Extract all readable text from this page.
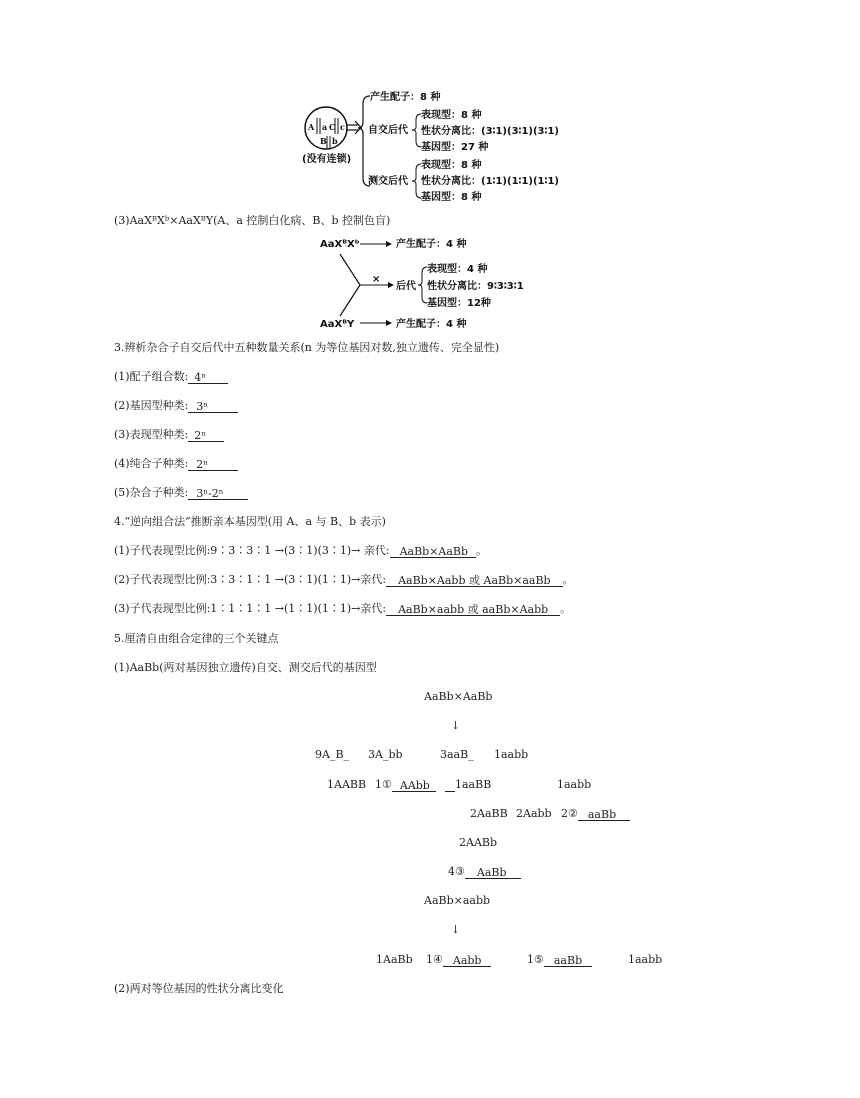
A a C c
B b
(没有连锁)
产生配子：8 种
自交后代
表现型：8 种
性状分离比：(3∶1)(3∶1)(3∶1)
基因型：27 种
测交后代
表现型：8 种
性状分离比：(1∶1)(1∶1)(1∶1)
基因型：8 种
(3)AaXᴮXᵇ×AaXᴮY(A、a 控制白化病、B、b 控制色盲)
AaXᴮXᵇ	产生配子：4 种
×
后代
表现型：4 种
性状分离比：9∶3∶3∶1
基因型：12种
AaXᴮY	产生配子：4 种
3.辨析杂合子自交后代中五种数量关系(n 为等位基因对数,独立遗传、完全显性)
(1)配子组合数: 4ⁿ
(2)基因型种类: 3ⁿ
(3)表现型种类: 2ⁿ
(4)纯合子种类: 2ⁿ
(5)杂合子种类: 3ⁿ-2ⁿ
4.“逆向组合法”推断亲本基因型(用 A、a 与 B、b 表示)
(1)子代表现型比例:9∶3∶3∶1 →(3∶1)(3∶1)→ 亲代: AaBb×AaBb 。
(2)子代表现型比例:3∶3∶1∶1 →(3∶1)(1∶1)→亲代: AaBb×Aabb 或 AaBb×aaBb 。
(3)子代表现型比例:1∶1∶1∶1 →(1∶1)(1∶1)→亲代: AaBb×aabb 或 aaBb×Aabb 。
5.厘清自由组合定律的三个关键点
(1)AaBb(两对基因独立遗传)自交、测交后代的基因型
AaBb×AaBb
↓
9A_B_ 3A_bb	3aaB_ 1aabb
1AABB 1① AAbb	1aaBB	1aabb
2AaBB 2Aabb 2② aaBb
2AABb
4③ AaBb
AaBb×aabb
↓
1AaBb 1④ Aabb	1⑤ aaBb	1aabb
(2)两对等位基因的性状分离比变化
